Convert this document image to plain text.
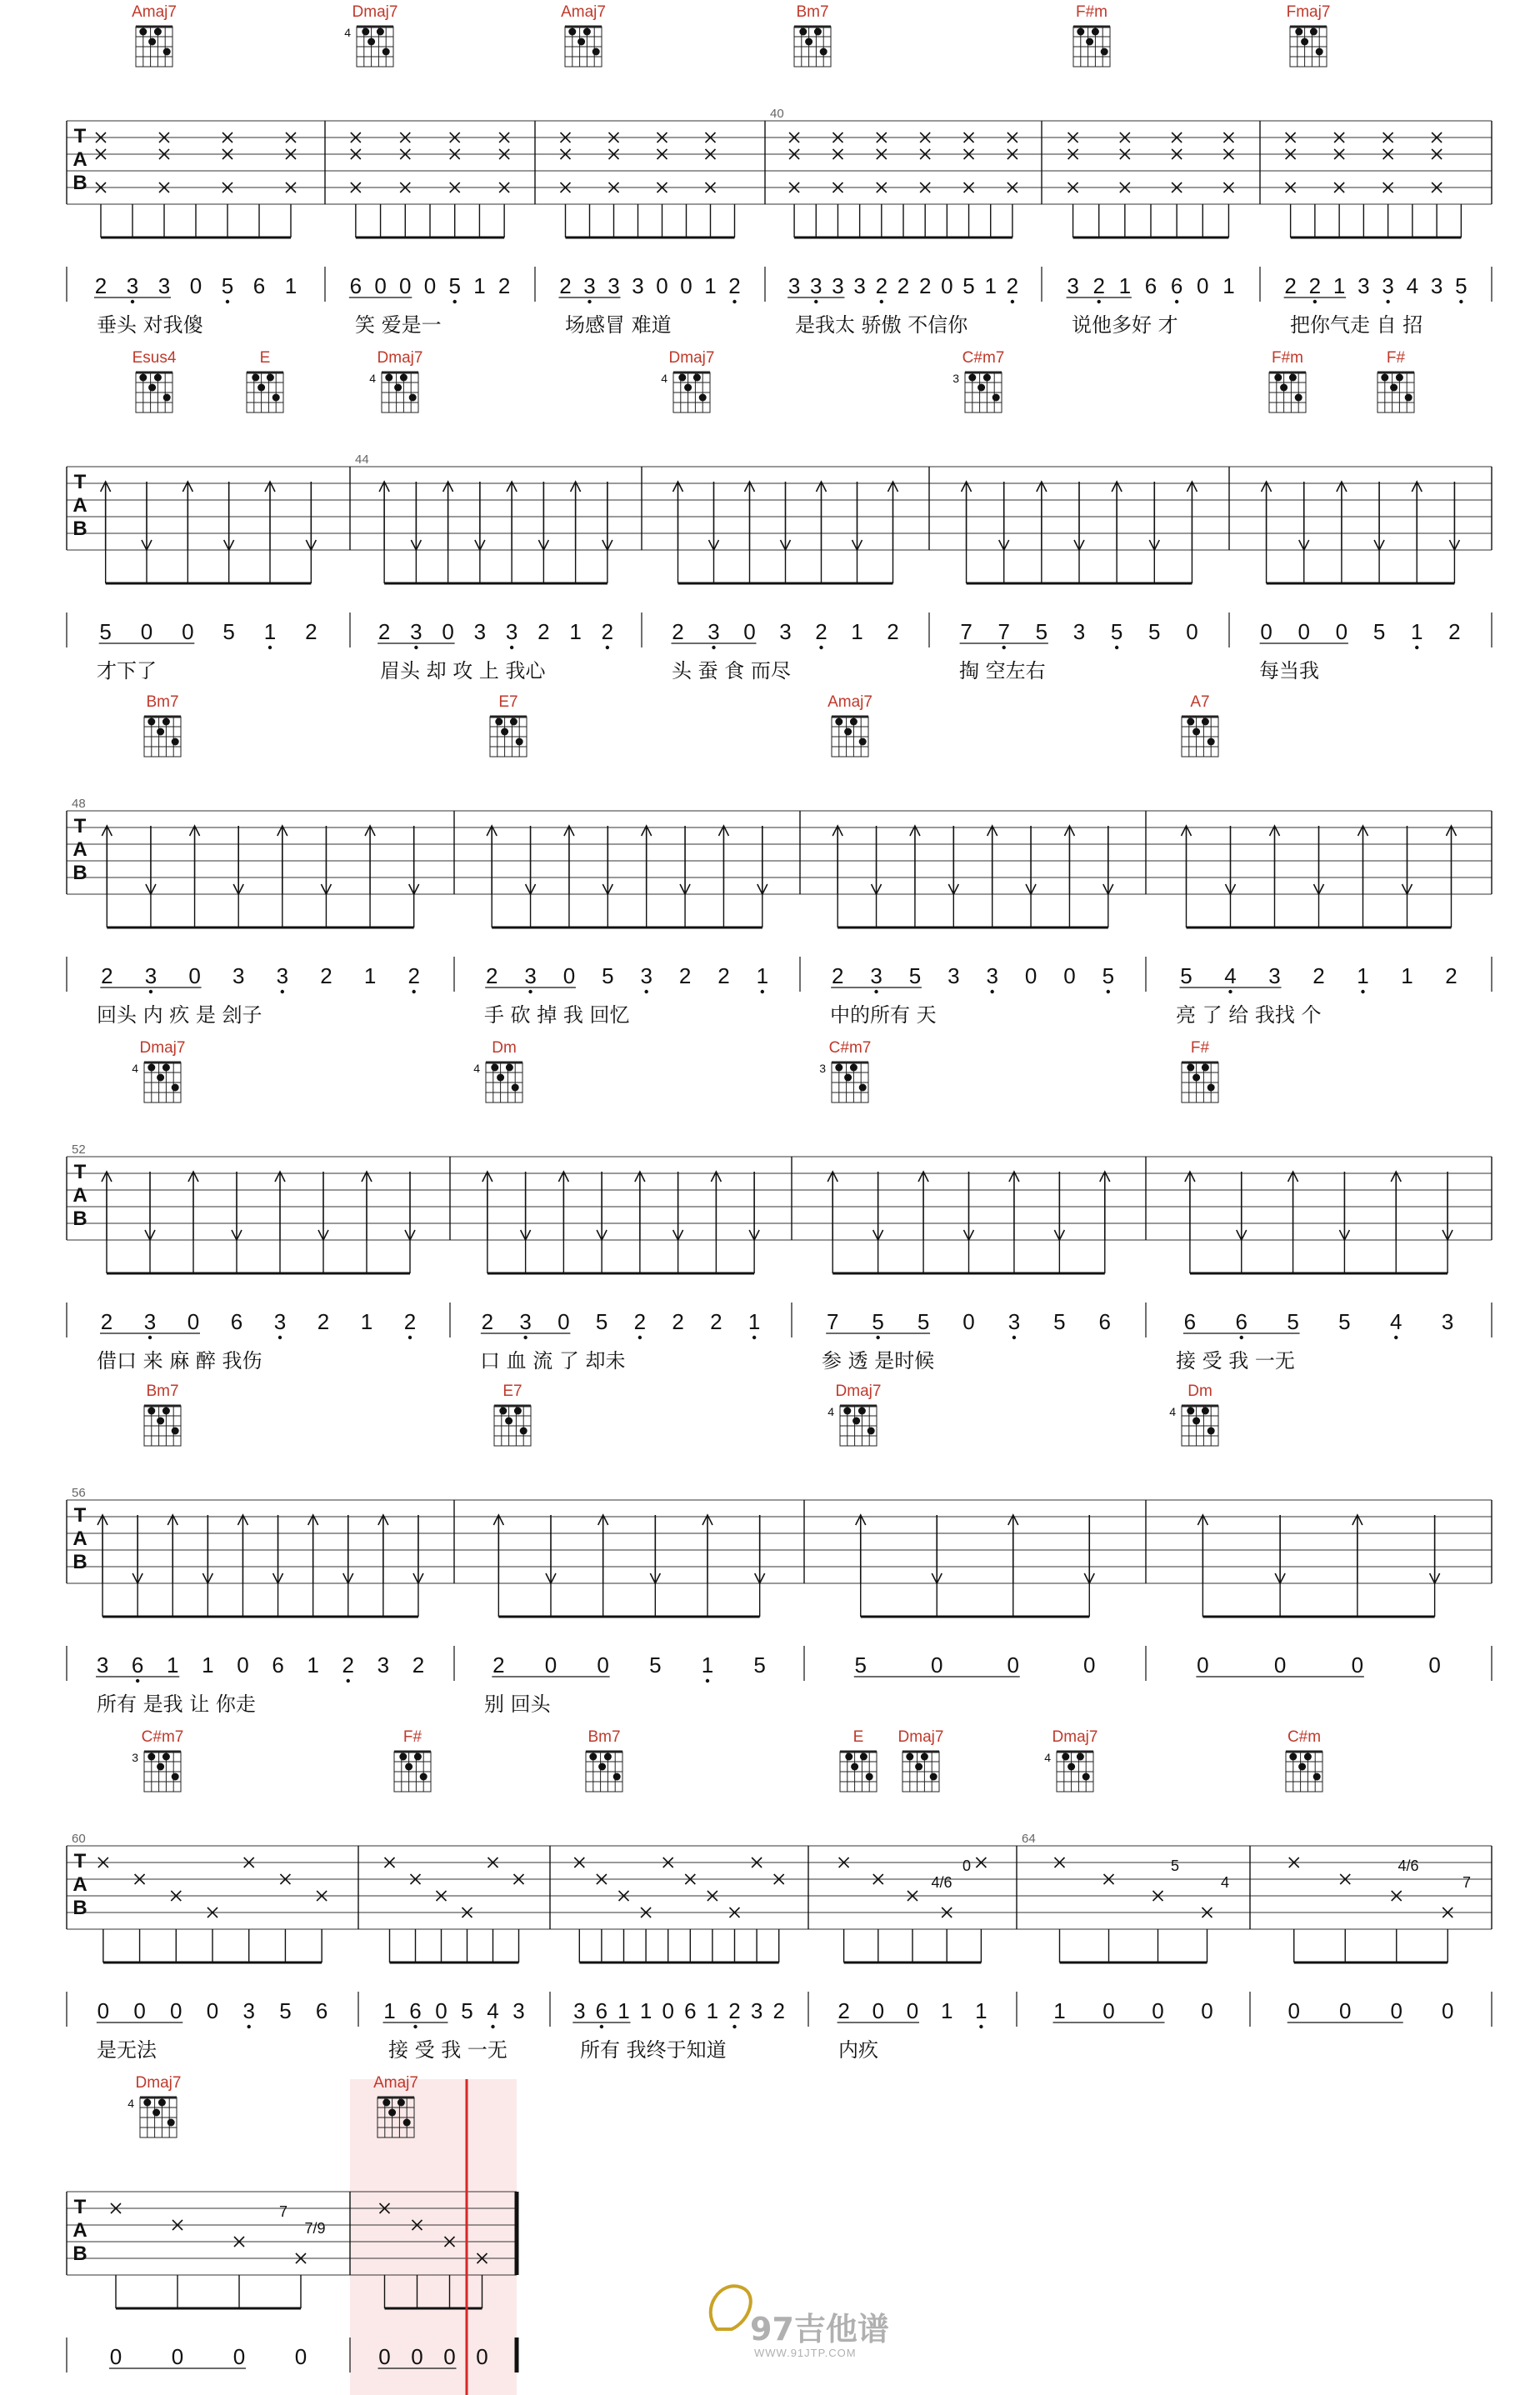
Amaj7	Dmaj7
4
Amaj7	Bm7	F#m	Fmaj7
T
A
B
2 3 3 0 5 6 1
垂头 对我傻
6 0 0 0 5 1 2
笑 爱是一
2 3 3 3 0 0 1 2
场感冒 难道
40
3 3 3 3 2 2 2 0 5 1 2
是我太 骄傲 不信你
3 2 1 6 6 0 1
说他多好 才
2 2 1 3 3 4 3 5
把你气走 自 招
Esus4	E	Dmaj7
4
Dmaj7
4
C#m7
3
F#m	F#
T
A
B
5 0 0 5 1 2
才下了
44
2 3 0 3 3 2 1 2
眉头 却 攻 上 我心
2 3 0 3 2 1 2
头 蚕 食 而尽
7 7 5 3 5 5 0
掏 空左右
0 0 0 5 1 2
每当我
Bm7	E7	Amaj7	A7
T
A
B
48
2 3 0 3 3 2 1 2
回头 内 疚 是 刽子
2 3 0 5 3 2 2 1
手 砍 掉 我 回忆
2 3 5 3 3 0 0 5
中的所有 天
5 4 3 2 1 1 2
亮 了 给 我找 个
Dmaj7
4
Dm
4
C#m7
3
F#
T
A
B
52
2 3 0 6 3 2 1 2
借口 来 麻 醉 我伤
2 3 0 5 2 2 2 1
口 血 流 了 却未
7 5 5 0 3 5 6
参 透 是时候
6 6 5 5 4 3
接 受 我 一无
Bm7	E7	Dmaj7
4
Dm
4
T
A
B
56
3 6 1 1 0 6 1 2 3 2
所有 是我 让 你走
2 0 0 5 1 5
别 回头
5	0	0	0	0	0	0	0
C#m7
3
F#	Bm7	E Dmaj7	Dmaj7
4
C#m
T
A
B
60
0 0 0 0 3 5 6
是无法
1 6 0 5 4 3
接 受 我 一无
3 6 1 1 0 6 1 2 3 2
所有 我终于知道
2 0 0 1 1
内疚
64
1 0 0 0	0 0 0 0
0
4/6
5
4
4/6
7
Dmaj7
4
Amaj7
T
A
B
0 0 0 0	0 0 0 0
7
7/9
97吉他谱
WWW.91JTP.COM
